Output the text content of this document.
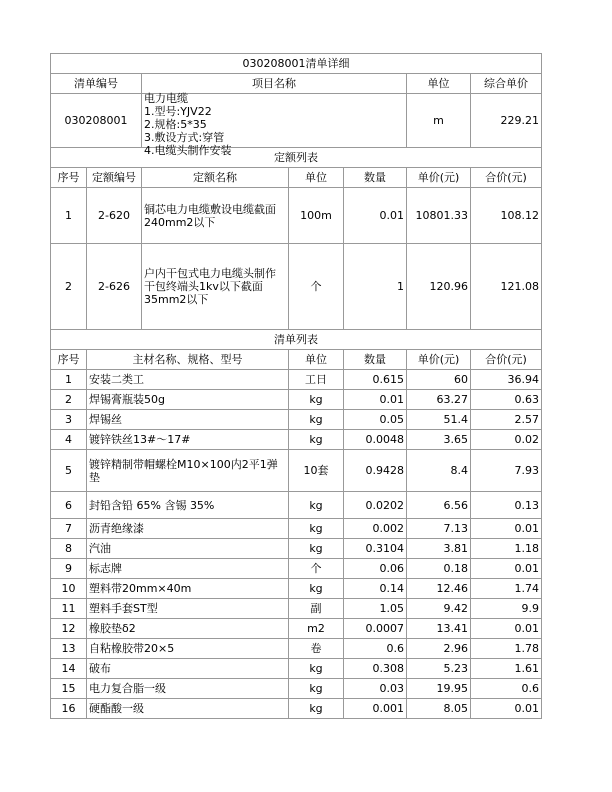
030208001清单详细						
清单编号		项目名称			单位	综合单价
030208001		电力电缆
1.型号:YJV22
2.规格:5*35
3.敷设方式:穿管
4.电缆头制作安装			m	229.21
定额列表						
序号	定额编号	定额名称	单位	数量	单价(元)	合价(元)
1	2-620	铜芯电力电缆敷设电缆截面240mm2以下	100m	0.01	10801.33	108.12
2	2-626	户内干包式电力电缆头制作干包终端头1kv以下截面35mm2以下	个	1	120.96	121.08
清单列表						
序号	主材名称、规格、型号		单位	数量	单价(元)	合价(元)
1	安装二类工		工日	0.615	60	36.94
2	焊锡膏瓶装50g		kg	0.01	63.27	0.63
3	焊锡丝		kg	0.05	51.4	2.57
4	镀锌铁丝13#～17#		kg	0.0048	3.65	0.02
5	镀锌精制带帽螺栓M10×100内2平1弹垫		10套	0.9428	8.4	7.93
6	封铅含铅 65% 含锡 35%		kg	0.0202	6.56	0.13
7	沥青绝缘漆		kg	0.002	7.13	0.01
8	汽油		kg	0.3104	3.81	1.18
9	标志牌		个	0.06	0.18	0.01
10	塑料带20mm×40m		kg	0.14	12.46	1.74
11	塑料手套ST型		副	1.05	9.42	9.9
12	橡胶垫δ2		m2	0.0007	13.41	0.01
13	自粘橡胶带20×5		卷	0.6	2.96	1.78
14	破布		kg	0.308	5.23	1.61
15	电力复合脂一级		kg	0.03	19.95	0.6
16	硬酯酸一级		kg	0.001	8.05	0.01
